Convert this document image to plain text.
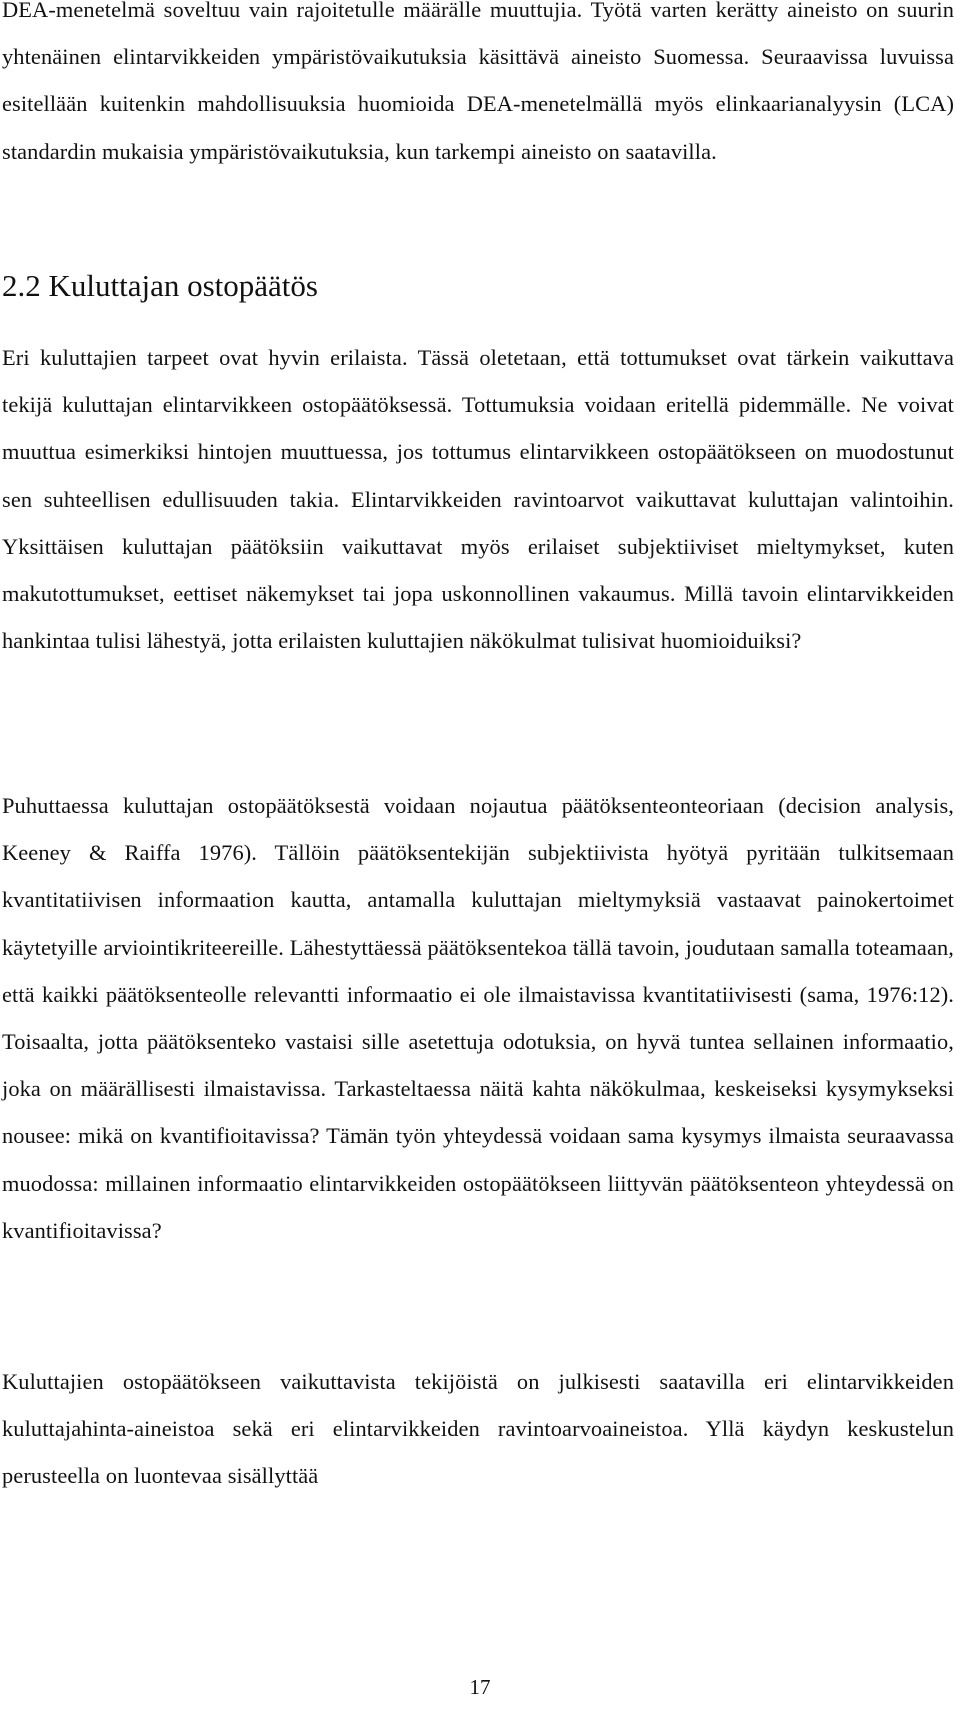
DEA-menetelmä soveltuu vain rajoitetulle määrälle muuttujia. Työtä varten kerätty aineisto on suurin yhtenäinen elintarvikkeiden ympäristövaikutuksia käsittävä aineisto Suomessa. Seuraavissa luvuissa esitellään kuitenkin mahdollisuuksia huomioida DEA-menetelmällä myös elinkaarianalyysin (LCA) standardin mukaisia ympäristövaikutuksia, kun tarkempi aineisto on saatavilla.

2.2 Kuluttajan ostopäätös

Eri kuluttajien tarpeet ovat hyvin erilaista. Tässä oletetaan, että tottumukset ovat tärkein vaikuttava tekijä kuluttajan elintarvikkeen ostopäätöksessä. Tottumuksia voidaan eritellä pidemmälle. Ne voivat muuttua esimerkiksi hintojen muuttuessa, jos tottumus elintarvikkeen ostopäätökseen on muodostunut sen suhteellisen edullisuuden takia. Elintarvikkeiden ravintoarvot vaikuttavat kuluttajan valintoihin. Yksittäisen kuluttajan päätöksiin vaikuttavat myös erilaiset subjektiiviset mieltymykset, kuten makutottumukset, eettiset näkemykset tai jopa uskonnollinen vakaumus. Millä tavoin elintarvikkeiden hankintaa tulisi lähestyä, jotta erilaisten kuluttajien näkökulmat tulisivat huomioiduiksi?

Puhuttaessa kuluttajan ostopäätöksestä voidaan nojautua päätöksenteonteoriaan (decision analysis, Keeney & Raiffa 1976). Tällöin päätöksentekijän subjektiivista hyötyä pyritään tulkitsemaan kvantitatiivisen informaation kautta, antamalla kuluttajan mieltymyksiä vastaavat painokertoimet käytetyille arviointikriteereille. Lähestyttäessä päätöksentekoa tällä tavoin, joudutaan samalla toteamaan, että kaikki päätöksenteolle relevantti informaatio ei ole ilmaistavissa kvantitatiivisesti (sama, 1976:12). Toisaalta, jotta päätöksenteko vastaisi sille asetettuja odotuksia, on hyvä tuntea sellainen informaatio, joka on määrällisesti ilmaistavissa. Tarkasteltaessa näitä kahta näkökulmaa, keskeiseksi kysymykseksi nousee: mikä on kvantifioitavissa? Tämän työn yhteydessä voidaan sama kysymys ilmaista seuraavassa muodossa: millainen informaatio elintarvikkeiden ostopäätökseen liittyvän päätöksenteon yhteydessä on kvantifioitavissa?

Kuluttajien ostopäätökseen vaikuttavista tekijöistä on julkisesti saatavilla eri elintarvikkeiden kuluttajahinta-aineistoa sekä eri elintarvikkeiden ravintoarvoaineistoa. Yllä käydyn keskustelun perusteella on luontevaa sisällyttää

17
